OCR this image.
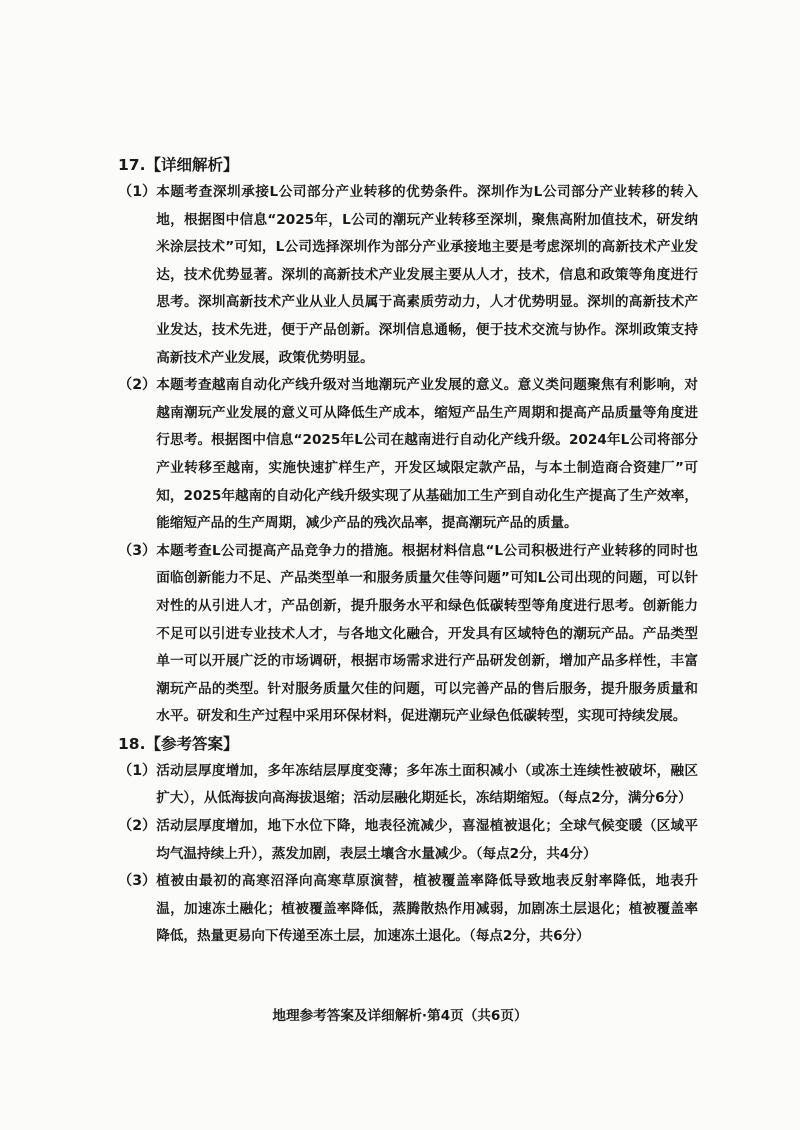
17.【详细解析】
（1） 本题考查深圳承接L公司部分产业转移的优势条件。深圳作为L公司部分产业转移的转入地，根据图中信息“2025年，L公司的潮玩产业转移至深圳，聚焦高附加值技术，研发纳米涂层技术”可知，L公司选择深圳作为部分产业承接地主要是考虑深圳的高新技术产业发达，技术优势显著。深圳的高新技术产业发展主要从人才，技术，信息和政策等角度进行思考。深圳高新技术产业从业人员属于高素质劳动力，人才优势明显。深圳的高新技术产业发达，技术先进，便于产品创新。深圳信息通畅，便于技术交流与协作。深圳政策支持高新技术产业发展，政策优势明显。
（2） 本题考查越南自动化产线升级对当地潮玩产业发展的意义。意义类问题聚焦有利影响，对越南潮玩产业发展的意义可从降低生产成本，缩短产品生产周期和提高产品质量等角度进行思考。根据图中信息“2025年L公司在越南进行自动化产线升级。2024年L公司将部分产业转移至越南，实施快速扩样生产，开发区域限定款产品，与本土制造商合资建厂”可知，2025年越南的自动化产线升级实现了从基础加工生产到自动化生产提高了生产效率，能缩短产品的生产周期，减少产品的残次品率，提高潮玩产品的质量。
（3） 本题考查L公司提高产品竞争力的措施。根据材料信息“L公司积极进行产业转移的同时也面临创新能力不足、产品类型单一和服务质量欠佳等问题”可知L公司出现的问题，可以针对性的从引进人才，产品创新，提升服务水平和绿色低碳转型等角度进行思考。创新能力不足可以引进专业技术人才，与各地文化融合，开发具有区域特色的潮玩产品。产品类型单一可以开展广泛的市场调研，根据市场需求进行产品研发创新，增加产品多样性，丰富潮玩产品的类型。针对服务质量欠佳的问题，可以完善产品的售后服务，提升服务质量和水平。研发和生产过程中采用环保材料，促进潮玩产业绿色低碳转型，实现可持续发展。
18.【参考答案】
（1） 活动层厚度增加，多年冻结层厚度变薄；多年冻土面积减小（或冻土连续性被破坏，融区扩大），从低海拔向高海拔退缩；活动层融化期延长，冻结期缩短。（每点2分，满分6分）
（2） 活动层厚度增加，地下水位下降，地表径流减少，喜湿植被退化；全球气候变暖（区域平均气温持续上升），蒸发加剧，表层土壤含水量减少。（每点2分，共4分）
（3） 植被由最初的高寒沼泽向高寒草原演替，植被覆盖率降低导致地表反射率降低，地表升温，加速冻土融化；植被覆盖率降低，蒸腾散热作用减弱，加剧冻土层退化；植被覆盖率降低，热量更易向下传递至冻土层，加速冻土退化。（每点2分，共6分）
地理参考答案及详细解析·第4页（共6页）
